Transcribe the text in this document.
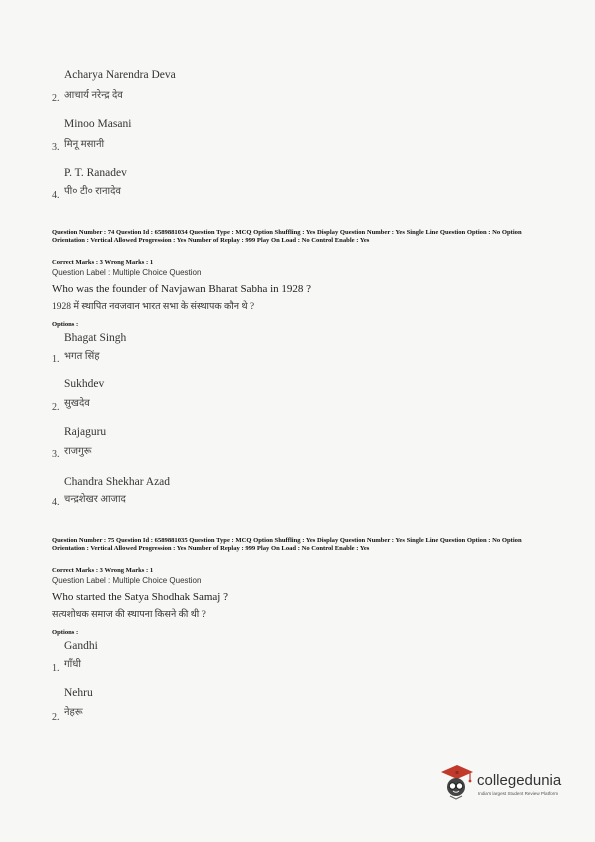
Acharya Narendra Deva
2. आचार्य नरेन्द्र देव
Minoo Masani
3. मिनू मसानी
P. T. Ranadev
4. पी० टी० रानादेव
Question Number : 74 Question Id : 6589881034 Question Type : MCQ Option Shuffling : Yes Display Question Number : Yes Single Line Question Option : No Option Orientation : Vertical Allowed Progression : Yes Number of Replay : 999 Play On Load : No Control Enable : Yes
Correct Marks : 3 Wrong Marks : 1
Question Label : Multiple Choice Question
Who was the founder of Navjawan Bharat Sabha in 1928 ?
1928 में स्थापित नवजवान भारत सभा के संस्थापक कौन थे ?
Options :
Bhagat Singh
1. भगत सिंह
Sukhdev
2. सुखदेव
Rajaguru
3. राजगुरू
Chandra Shekhar Azad
4. चन्द्रशेखर आजाद
Question Number : 75 Question Id : 6589881035 Question Type : MCQ Option Shuffling : Yes Display Question Number : Yes Single Line Question Option : No Option Orientation : Vertical Allowed Progression : Yes Number of Replay : 999 Play On Load : No Control Enable : Yes
Correct Marks : 3 Wrong Marks : 1
Question Label : Multiple Choice Question
Who started the Satya Shodhak Samaj ?
सत्यशोधक समाज की स्थापना किसने की थी ?
Options :
Gandhi
1. गाँधी
Nehru
2. नेहरू
collegedunia
India's largest Student Review Platform
